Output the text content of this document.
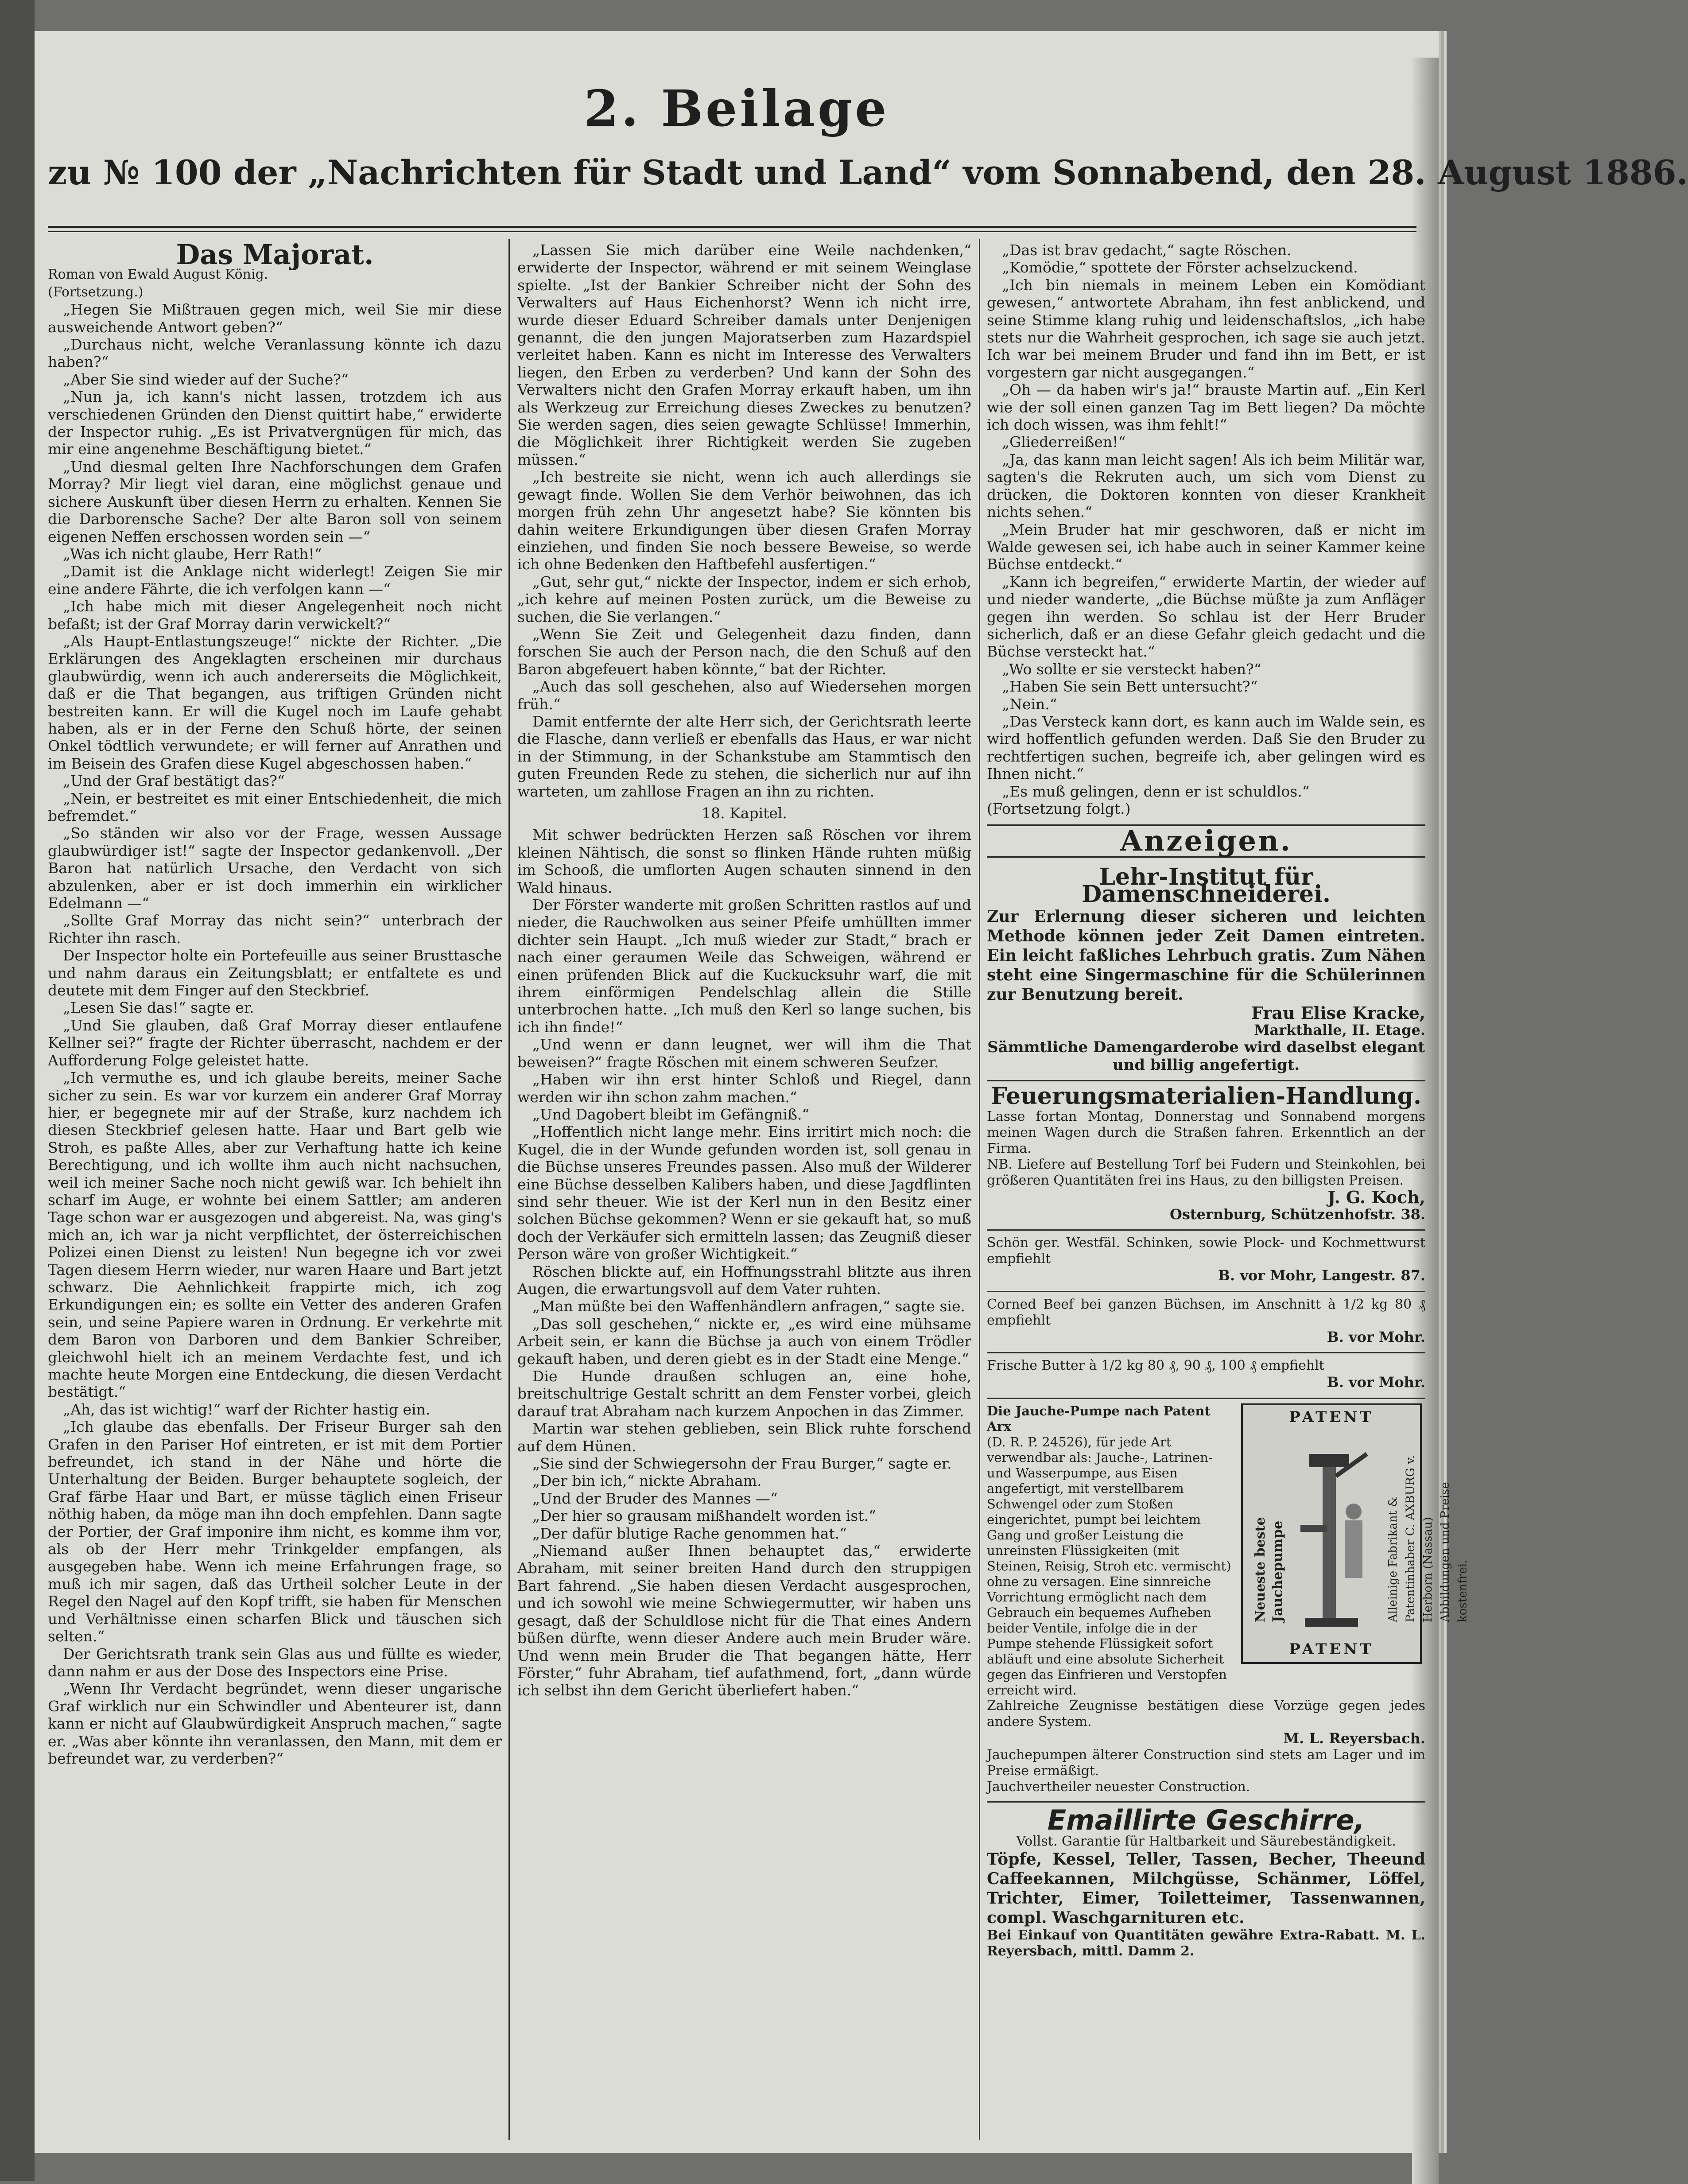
2. Beilage
zu № 100 der „Nachrichten für Stadt und Land“ vom Sonnabend, den 28. August 1886.
Das Majorat.

Roman von Ewald August König.

(Fortsetzung.)

„Hegen Sie Mißtrauen gegen mich, weil Sie mir diese ausweichende Antwort geben?“

„Durchaus nicht, welche Veranlassung könnte ich dazu haben?“

„Aber Sie sind wieder auf der Suche?“

„Nun ja, ich kann's nicht lassen, trotzdem ich aus verschiedenen Gründen den Dienst quittirt habe,“ erwiderte der Inspector ruhig. „Es ist Privatvergnügen für mich, das mir eine angenehme Beschäftigung bietet.“

„Und diesmal gelten Ihre Nachforschungen dem Grafen Morray? Mir liegt viel daran, eine möglichst genaue und sichere Auskunft über diesen Herrn zu erhalten. Kennen Sie die Darborensche Sache? Der alte Baron soll von seinem eigenen Neffen erschossen worden sein —“

„Was ich nicht glaube, Herr Rath!“

„Damit ist die Anklage nicht widerlegt! Zeigen Sie mir eine andere Fährte, die ich verfolgen kann —“

„Ich habe mich mit dieser Angelegenheit noch nicht befaßt; ist der Graf Morray darin verwickelt?“

„Als Haupt-Entlastungszeuge!“ nickte der Richter. „Die Erklärungen des Angeklagten erscheinen mir durchaus glaubwürdig, wenn ich auch andererseits die Möglichkeit, daß er die That begangen, aus triftigen Gründen nicht bestreiten kann. Er will die Kugel noch im Laufe gehabt haben, als er in der Ferne den Schuß hörte, der seinen Onkel tödtlich verwundete; er will ferner auf Anrathen und im Beisein des Grafen diese Kugel abgeschossen haben.“

„Und der Graf bestätigt das?“

„Nein, er bestreitet es mit einer Entschiedenheit, die mich befremdet.“

„So ständen wir also vor der Frage, wessen Aussage glaubwürdiger ist!“ sagte der Inspector gedankenvoll. „Der Baron hat natürlich Ursache, den Verdacht von sich abzulenken, aber er ist doch immerhin ein wirklicher Edelmann —“

„Sollte Graf Morray das nicht sein?“ unterbrach der Richter ihn rasch.

Der Inspector holte ein Portefeuille aus seiner Brusttasche und nahm daraus ein Zeitungsblatt; er entfaltete es und deutete mit dem Finger auf den Steckbrief.

„Lesen Sie das!“ sagte er.

„Und Sie glauben, daß Graf Morray dieser entlaufene Kellner sei?“ fragte der Richter überrascht, nachdem er der Aufforderung Folge geleistet hatte.

„Ich vermuthe es, und ich glaube bereits, meiner Sache sicher zu sein. Es war vor kurzem ein anderer Graf Morray hier, er begegnete mir auf der Straße, kurz nachdem ich diesen Steckbrief gelesen hatte. Haar und Bart gelb wie Stroh, es paßte Alles, aber zur Verhaftung hatte ich keine Berechtigung, und ich wollte ihm auch nicht nachsuchen, weil ich meiner Sache noch nicht gewiß war. Ich behielt ihn scharf im Auge, er wohnte bei einem Sattler; am anderen Tage schon war er ausgezogen und abgereist. Na, was ging's mich an, ich war ja nicht verpflichtet, der österreichischen Polizei einen Dienst zu leisten! Nun begegne ich vor zwei Tagen diesem Herrn wieder, nur waren Haare und Bart jetzt schwarz. Die Aehnlichkeit frappirte mich, ich zog Erkundigungen ein; es sollte ein Vetter des anderen Grafen sein, und seine Papiere waren in Ordnung. Er verkehrte mit dem Baron von Darboren und dem Bankier Schreiber, gleichwohl hielt ich an meinem Verdachte fest, und ich machte heute Morgen eine Entdeckung, die diesen Verdacht bestätigt.“

„Ah, das ist wichtig!“ warf der Richter hastig ein.

„Ich glaube das ebenfalls. Der Friseur Burger sah den Grafen in den Pariser Hof eintreten, er ist mit dem Portier befreundet, ich stand in der Nähe und hörte die Unterhaltung der Beiden. Burger behauptete sogleich, der Graf färbe Haar und Bart, er müsse täglich einen Friseur nöthig haben, da möge man ihn doch empfehlen. Dann sagte der Portier, der Graf imponire ihm nicht, es komme ihm vor, als ob der Herr mehr Trinkgelder empfangen, als ausgegeben habe. Wenn ich meine Erfahrungen frage, so muß ich mir sagen, daß das Urtheil solcher Leute in der Regel den Nagel auf den Kopf trifft, sie haben für Menschen und Verhältnisse einen scharfen Blick und täuschen sich selten.“

Der Gerichtsrath trank sein Glas aus und füllte es wieder, dann nahm er aus der Dose des Inspectors eine Prise.

„Wenn Ihr Verdacht begründet, wenn dieser ungarische Graf wirklich nur ein Schwindler und Abenteurer ist, dann kann er nicht auf Glaubwürdigkeit Anspruch machen,“ sagte er. „Was aber könnte ihn veranlassen, den Mann, mit dem er befreundet war, zu verderben?“

„Lassen Sie mich darüber eine Weile nachdenken,“ erwiderte der Inspector, während er mit seinem Weinglase spielte. „Ist der Bankier Schreiber nicht der Sohn des Verwalters auf Haus Eichenhorst? Wenn ich nicht irre, wurde dieser Eduard Schreiber damals unter Denjenigen genannt, die den jungen Majoratserben zum Hazardspiel verleitet haben. Kann es nicht im Interesse des Verwalters liegen, den Erben zu verderben? Und kann der Sohn des Verwalters nicht den Grafen Morray erkauft haben, um ihn als Werkzeug zur Erreichung dieses Zweckes zu benutzen? Sie werden sagen, dies seien gewagte Schlüsse! Immerhin, die Möglichkeit ihrer Richtigkeit werden Sie zugeben müssen.“

„Ich bestreite sie nicht, wenn ich auch allerdings sie gewagt finde. Wollen Sie dem Verhör beiwohnen, das ich morgen früh zehn Uhr angesetzt habe? Sie könnten bis dahin weitere Erkundigungen über diesen Grafen Morray einziehen, und finden Sie noch bessere Beweise, so werde ich ohne Bedenken den Haftbefehl ausfertigen.“

„Gut, sehr gut,“ nickte der Inspector, indem er sich erhob, „ich kehre auf meinen Posten zurück, um die Beweise zu suchen, die Sie verlangen.“

„Wenn Sie Zeit und Gelegenheit dazu finden, dann forschen Sie auch der Person nach, die den Schuß auf den Baron abgefeuert haben könnte,“ bat der Richter.

„Auch das soll geschehen, also auf Wiedersehen morgen früh.“

Damit entfernte der alte Herr sich, der Gerichtsrath leerte die Flasche, dann verließ er ebenfalls das Haus, er war nicht in der Stimmung, in der Schankstube am Stammtisch den guten Freunden Rede zu stehen, die sicherlich nur auf ihn warteten, um zahllose Fragen an ihn zu richten.

18. Kapitel.

Mit schwer bedrückten Herzen saß Röschen vor ihrem kleinen Nähtisch, die sonst so flinken Hände ruhten müßig im Schooß, die umflorten Augen schauten sinnend in den Wald hinaus.

Der Förster wanderte mit großen Schritten rastlos auf und nieder, die Rauchwolken aus seiner Pfeife umhüllten immer dichter sein Haupt. „Ich muß wieder zur Stadt,“ brach er nach einer geraumen Weile das Schweigen, während er einen prüfenden Blick auf die Kuckucksuhr warf, die mit ihrem einförmigen Pendelschlag allein die Stille unterbrochen hatte. „Ich muß den Kerl so lange suchen, bis ich ihn finde!“

„Und wenn er dann leugnet, wer will ihm die That beweisen?“ fragte Röschen mit einem schweren Seufzer.

„Haben wir ihn erst hinter Schloß und Riegel, dann werden wir ihn schon zahm machen.“

„Und Dagobert bleibt im Gefängniß.“

„Hoffentlich nicht lange mehr. Eins irritirt mich noch: die Kugel, die in der Wunde gefunden worden ist, soll genau in die Büchse unseres Freundes passen. Also muß der Wilderer eine Büchse desselben Kalibers haben, und diese Jagdflinten sind sehr theuer. Wie ist der Kerl nun in den Besitz einer solchen Büchse gekommen? Wenn er sie gekauft hat, so muß doch der Verkäufer sich ermitteln lassen; das Zeugniß dieser Person wäre von großer Wichtigkeit.“

Röschen blickte auf, ein Hoffnungsstrahl blitzte aus ihren Augen, die erwartungsvoll auf dem Vater ruhten.

„Man müßte bei den Waffenhändlern anfragen,“ sagte sie.

„Das soll geschehen,“ nickte er, „es wird eine mühsame Arbeit sein, er kann die Büchse ja auch von einem Trödler gekauft haben, und deren giebt es in der Stadt eine Menge.“

Die Hunde draußen schlugen an, eine hohe, breitschultrige Gestalt schritt an dem Fenster vorbei, gleich darauf trat Abraham nach kurzem Anpochen in das Zimmer.

Martin war stehen geblieben, sein Blick ruhte forschend auf dem Hünen.

„Sie sind der Schwiegersohn der Frau Burger,“ sagte er.

„Der bin ich,“ nickte Abraham.

„Und der Bruder des Mannes —“

„Der hier so grausam mißhandelt worden ist.“

„Der dafür blutige Rache genommen hat.“

„Niemand außer Ihnen behauptet das,“ erwiderte Abraham, mit seiner breiten Hand durch den struppigen Bart fahrend. „Sie haben diesen Verdacht ausgesprochen, und ich sowohl wie meine Schwiegermutter, wir haben uns gesagt, daß der Schuldlose nicht für die That eines Andern büßen dürfte, wenn dieser Andere auch mein Bruder wäre. Und wenn mein Bruder die That begangen hätte, Herr Förster,“ fuhr Abraham, tief aufathmend, fort, „dann würde ich selbst ihn dem Gericht überliefert haben.“

„Das ist brav gedacht,“ sagte Röschen.

„Komödie,“ spottete der Förster achselzuckend.

„Ich bin niemals in meinem Leben ein Komödiant gewesen,“ antwortete Abraham, ihn fest anblickend, und seine Stimme klang ruhig und leidenschaftslos, „ich habe stets nur die Wahrheit gesprochen, ich sage sie auch jetzt. Ich war bei meinem Bruder und fand ihn im Bett, er ist vorgestern gar nicht ausgegangen.“

„Oh — da haben wir's ja!“ brauste Martin auf. „Ein Kerl wie der soll einen ganzen Tag im Bett liegen? Da möchte ich doch wissen, was ihm fehlt!“

„Gliederreißen!“

„Ja, das kann man leicht sagen! Als ich beim Militär war, sagten's die Rekruten auch, um sich vom Dienst zu drücken, die Doktoren konnten von dieser Krankheit nichts sehen.“

„Mein Bruder hat mir geschworen, daß er nicht im Walde gewesen sei, ich habe auch in seiner Kammer keine Büchse entdeckt.“

„Kann ich begreifen,“ erwiderte Martin, der wieder auf und nieder wanderte, „die Büchse müßte ja zum Anfläger gegen ihn werden. So schlau ist der Herr Bruder sicherlich, daß er an diese Gefahr gleich gedacht und die Büchse versteckt hat.“

„Wo sollte er sie versteckt haben?“

„Haben Sie sein Bett untersucht?“

„Nein.“

„Das Versteck kann dort, es kann auch im Walde sein, es wird hoffentlich gefunden werden. Daß Sie den Bruder zu rechtfertigen suchen, begreife ich, aber gelingen wird es Ihnen nicht.“

„Es muß gelingen, denn er ist schuldlos.“

(Fortsetzung folgt.)

Anzeigen.
Lehr-Institut für Damenschneiderei.
Zur Erlernung dieser sicheren und leichten Methode können jeder Zeit Damen eintreten. Ein leicht faßliches Lehrbuch gratis. Zum Nähen steht eine Singermaschine für die Schülerinnen zur Benutzung bereit.
Frau Elise Kracke,
Markthalle, II. Etage.
Sämmtliche Damengarderobe wird daselbst elegant und billig angefertigt.
Feuerungsmaterialien-Handlung.
Lasse fortan Montag, Donnerstag und Sonnabend morgens meinen Wagen durch die Straßen fahren. Erkenntlich an der Firma.
NB. Liefere auf Bestellung Torf bei Fudern und Steinkohlen, bei größeren Quantitäten frei ins Haus, zu den billigsten Preisen.
J. G. Koch,
Osternburg, Schützenhofstr. 38.
Schön ger. Westfäl. Schinken, sowie Plock- und Kochmettwurst empfiehlt
B. vor Mohr, Langestr. 87.
Corned Beef bei ganzen Büchsen, im Anschnitt à 1/2 kg 80 ₰ empfiehlt
B. vor Mohr.
Frische Butter à 1/2 kg 80 ₰, 90 ₰, 100 ₰ empfiehlt
B. vor Mohr.
Die Jauche-Pumpe nach Patent Arx
(D. R. P. 24526), für jede Art verwendbar als: Jauche-, Latrinen- und Wasserpumpe, aus Eisen angefertigt, mit verstellbarem Schwengel oder zum Stoßen eingerichtet, pumpt bei leichtem Gang und großer Leistung die unreinsten Flüssigkeiten (mit Steinen, Reisig, Stroh etc. vermischt) ohne zu versagen. Eine sinnreiche Vorrichtung ermöglicht nach dem Gebrauch ein bequemes Aufheben beider Ventile, infolge die in der Pumpe stehende Flüssigkeit sofort abläuft und eine absolute Sicherheit gegen das Einfrieren und Verstopfen erreicht wird.
PATENT
Neueste beste Jauchepumpe	Alleinige Fabrikant & Patentinhaber C. AXBURG v. Herborn (Nassau) Abbildungen und Preise kostenfrei.
PATENT
Zahlreiche Zeugnisse bestätigen diese Vorzüge gegen jedes andere System.
M. L. Reyersbach.
Jauchepumpen älterer Construction sind stets am Lager und im Preise ermäßigt.
Jauchvertheiler neuester Construction.
Emaillirte Geschirre,
Vollst. Garantie für Haltbarkeit und Säurebeständigkeit.
Töpfe, Kessel, Teller, Tassen, Becher, Theeund Caffeekannen, Milchgüsse, Schänmer, Löffel, Trichter, Eimer, Toiletteimer, Tassenwannen, compl. Waschgarnituren etc.
Bei Einkauf von Quantitäten gewähre Extra-Rabatt. M. L. Reyersbach, mittl. Damm 2.
